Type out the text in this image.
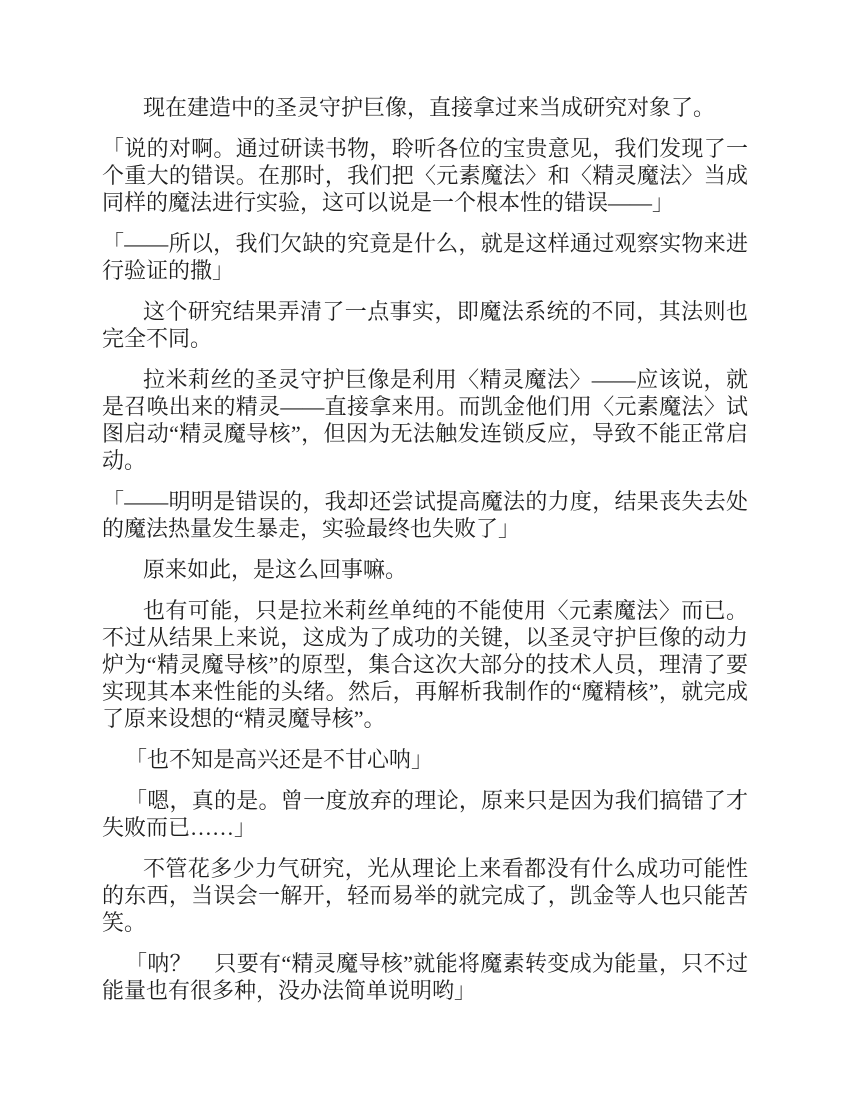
现在建造中的圣灵守护巨像，直接拿过来当成研究对象了。

「说的对啊。通过研读书物，聆听各位的宝贵意见，我们发现了一个重大的错误。在那时，我们把〈元素魔法〉和〈精灵魔法〉当成同样的魔法进行实验，这可以说是一个根本性的错误——」

「——所以，我们欠缺的究竟是什么，就是这样通过观察实物来进行验证的撒」

这个研究结果弄清了一点事实，即魔法系统的不同，其法则也完全不同。

拉米莉丝的圣灵守护巨像是利用〈精灵魔法〉——应该说，就是召唤出来的精灵——直接拿来用。而凯金他们用〈元素魔法〉试图启动“精灵魔导核”，但因为无法触发连锁反应，导致不能正常启动。

「——明明是错误的，我却还尝试提高魔法的力度，结果丧失去处的魔法热量发生暴走，实验最终也失败了」

原来如此，是这么回事嘛。

也有可能，只是拉米莉丝单纯的不能使用〈元素魔法〉而已。不过从结果上来说，这成为了成功的关键，以圣灵守护巨像的动力炉为“精灵魔导核”的原型，集合这次大部分的技术人员，理清了要实现其本来性能的头绪。然后，再解析我制作的“魔精核”，就完成了原来设想的“精灵魔导核”。

「也不知是高兴还是不甘心呐」

「嗯，真的是。曾一度放弃的理论，原来只是因为我们搞错了才失败而已……」

不管花多少力气研究，光从理论上来看都没有什么成功可能性的东西，当误会一解开，轻而易举的就完成了，凯金等人也只能苦笑。

「呐？　只要有“精灵魔导核”就能将魔素转变成为能量，只不过能量也有很多种，没办法简单说明哟」
